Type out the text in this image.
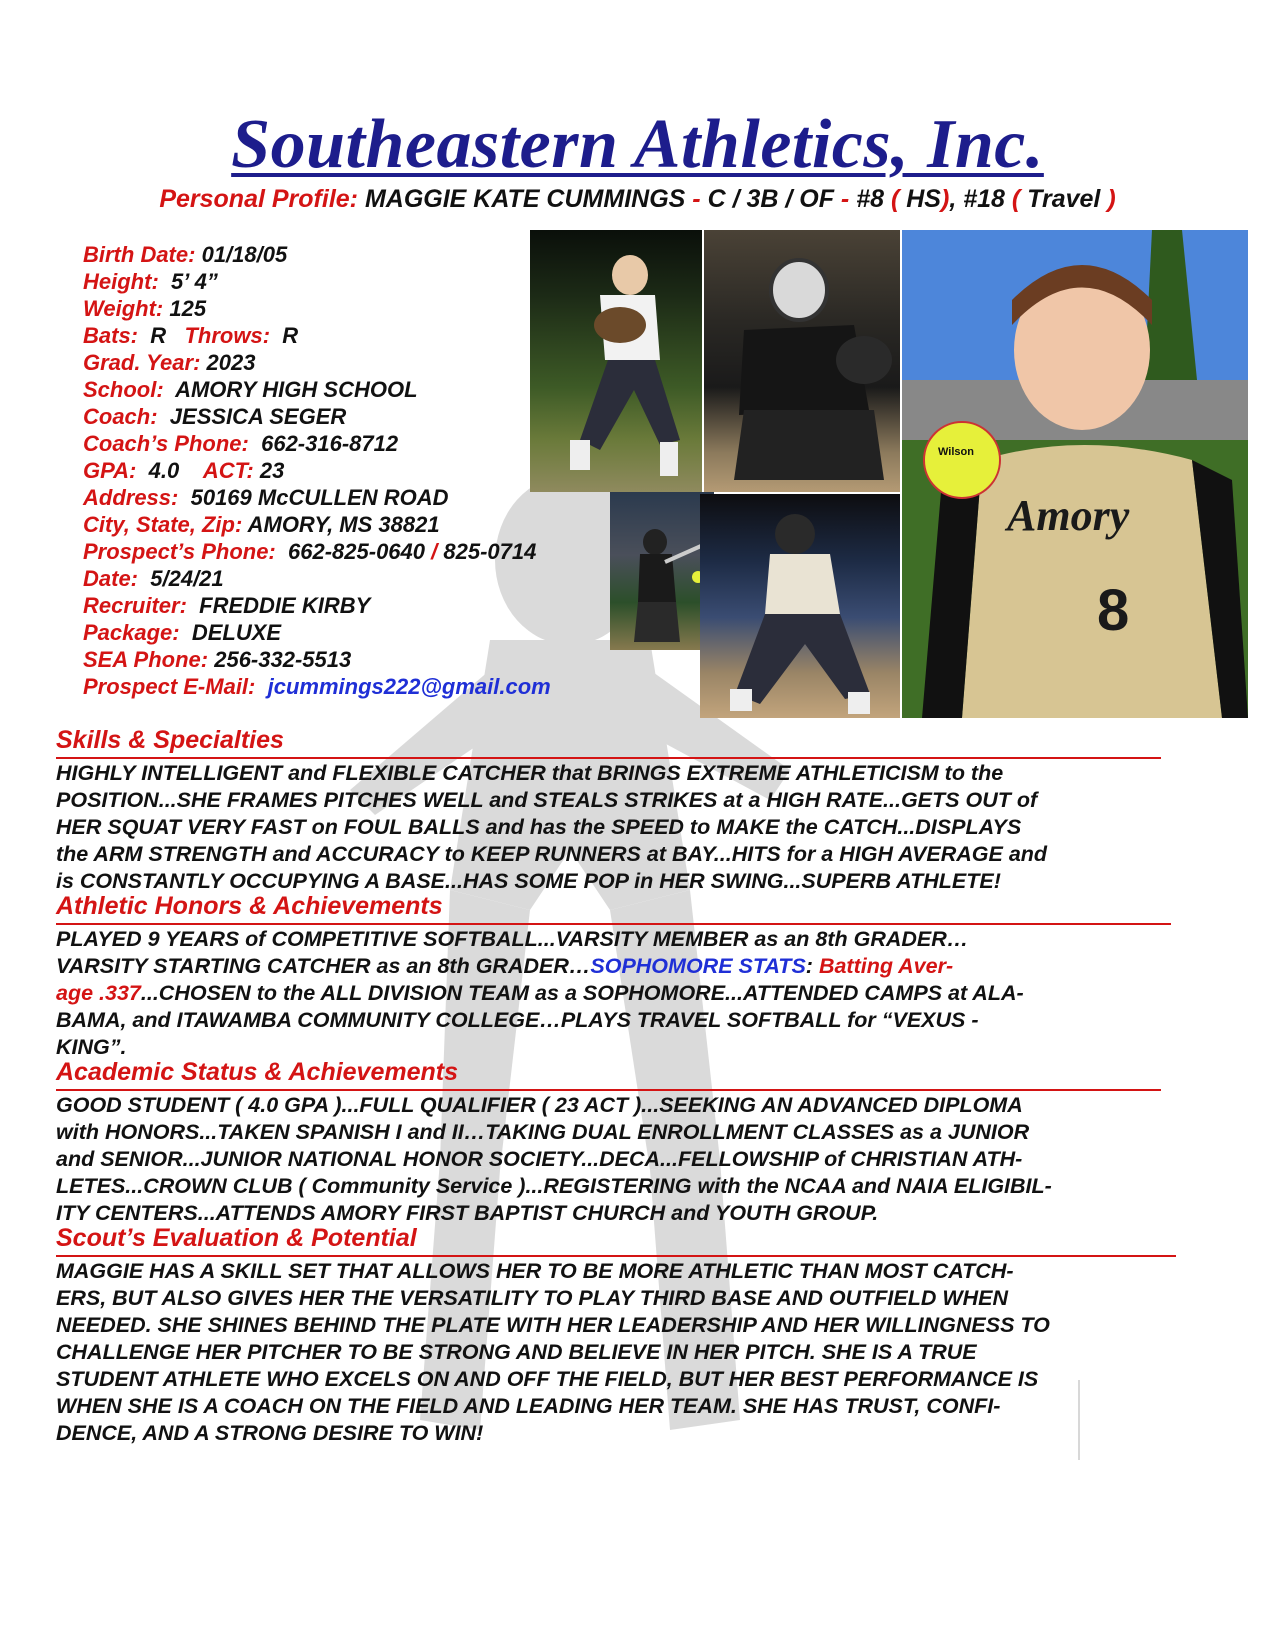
Southeastern Athletics, Inc.
Personal Profile: MAGGIE KATE CUMMINGS - C / 3B / OF - #8 ( HS), #18 ( Travel )
Birth Date: 01/18/05
Height: 5’ 4”
Weight: 125
Bats: R Throws: R
Grad. Year: 2023
School: AMORY HIGH SCHOOL
Coach: JESSICA SEGER
Coach’s Phone: 662-316-8712
GPA: 4.0 ACT: 23
Address: 50169 McCULLEN ROAD
City, State, Zip: AMORY, MS 38821
Prospect’s Phone: 662-825-0640 / 825-0714
Date: 5/24/21
Recruiter: FREDDIE KIRBY
Package: DELUXE
SEA Phone: 256-332-5513
Prospect E-Mail: jcummings222@gmail.com
Wilson
Amory
8
Skills & Specialties
HIGHLY INTELLIGENT and FLEXIBLE CATCHER that BRINGS EXTREME ATHLETICISM to the
POSITION...SHE FRAMES PITCHES WELL and STEALS STRIKES at a HIGH RATE...GETS OUT of
HER SQUAT VERY FAST on FOUL BALLS and has the SPEED to MAKE the CATCH...DISPLAYS
the ARM STRENGTH and ACCURACY to KEEP RUNNERS at BAY...HITS for a HIGH AVERAGE and
is CONSTANTLY OCCUPYING A BASE...HAS SOME POP in HER SWING...SUPERB ATHLETE!
Athletic Honors & Achievements
PLAYED 9 YEARS of COMPETITIVE SOFTBALL...VARSITY MEMBER as an 8th GRADER…
VARSITY STARTING CATCHER as an 8th GRADER…SOPHOMORE STATS: Batting Aver-
age .337...CHOSEN to the ALL DIVISION TEAM as a SOPHOMORE...ATTENDED CAMPS at ALA-
BAMA, and ITAWAMBA COMMUNITY COLLEGE…PLAYS TRAVEL SOFTBALL for “VEXUS -
KING”.
Academic Status & Achievements
GOOD STUDENT ( 4.0 GPA )...FULL QUALIFIER ( 23 ACT )...SEEKING AN ADVANCED DIPLOMA
with HONORS...TAKEN SPANISH I and II…TAKING DUAL ENROLLMENT CLASSES as a JUNIOR
and SENIOR...JUNIOR NATIONAL HONOR SOCIETY...DECA...FELLOWSHIP of CHRISTIAN ATH-
LETES...CROWN CLUB ( Community Service )...REGISTERING with the NCAA and NAIA ELIGIBIL-
ITY CENTERS...ATTENDS AMORY FIRST BAPTIST CHURCH and YOUTH GROUP.
Scout’s Evaluation & Potential
MAGGIE HAS A SKILL SET THAT ALLOWS HER TO BE MORE ATHLETIC THAN MOST CATCH-
ERS, BUT ALSO GIVES HER THE VERSATILITY TO PLAY THIRD BASE AND OUTFIELD WHEN
NEEDED. SHE SHINES BEHIND THE PLATE WITH HER LEADERSHIP AND HER WILLINGNESS TO
CHALLENGE HER PITCHER TO BE STRONG AND BELIEVE IN HER PITCH. SHE IS A TRUE
STUDENT ATHLETE WHO EXCELS ON AND OFF THE FIELD, BUT HER BEST PERFORMANCE IS
WHEN SHE IS A COACH ON THE FIELD AND LEADING HER TEAM. SHE HAS TRUST, CONFI-
DENCE, AND A STRONG DESIRE TO WIN!
